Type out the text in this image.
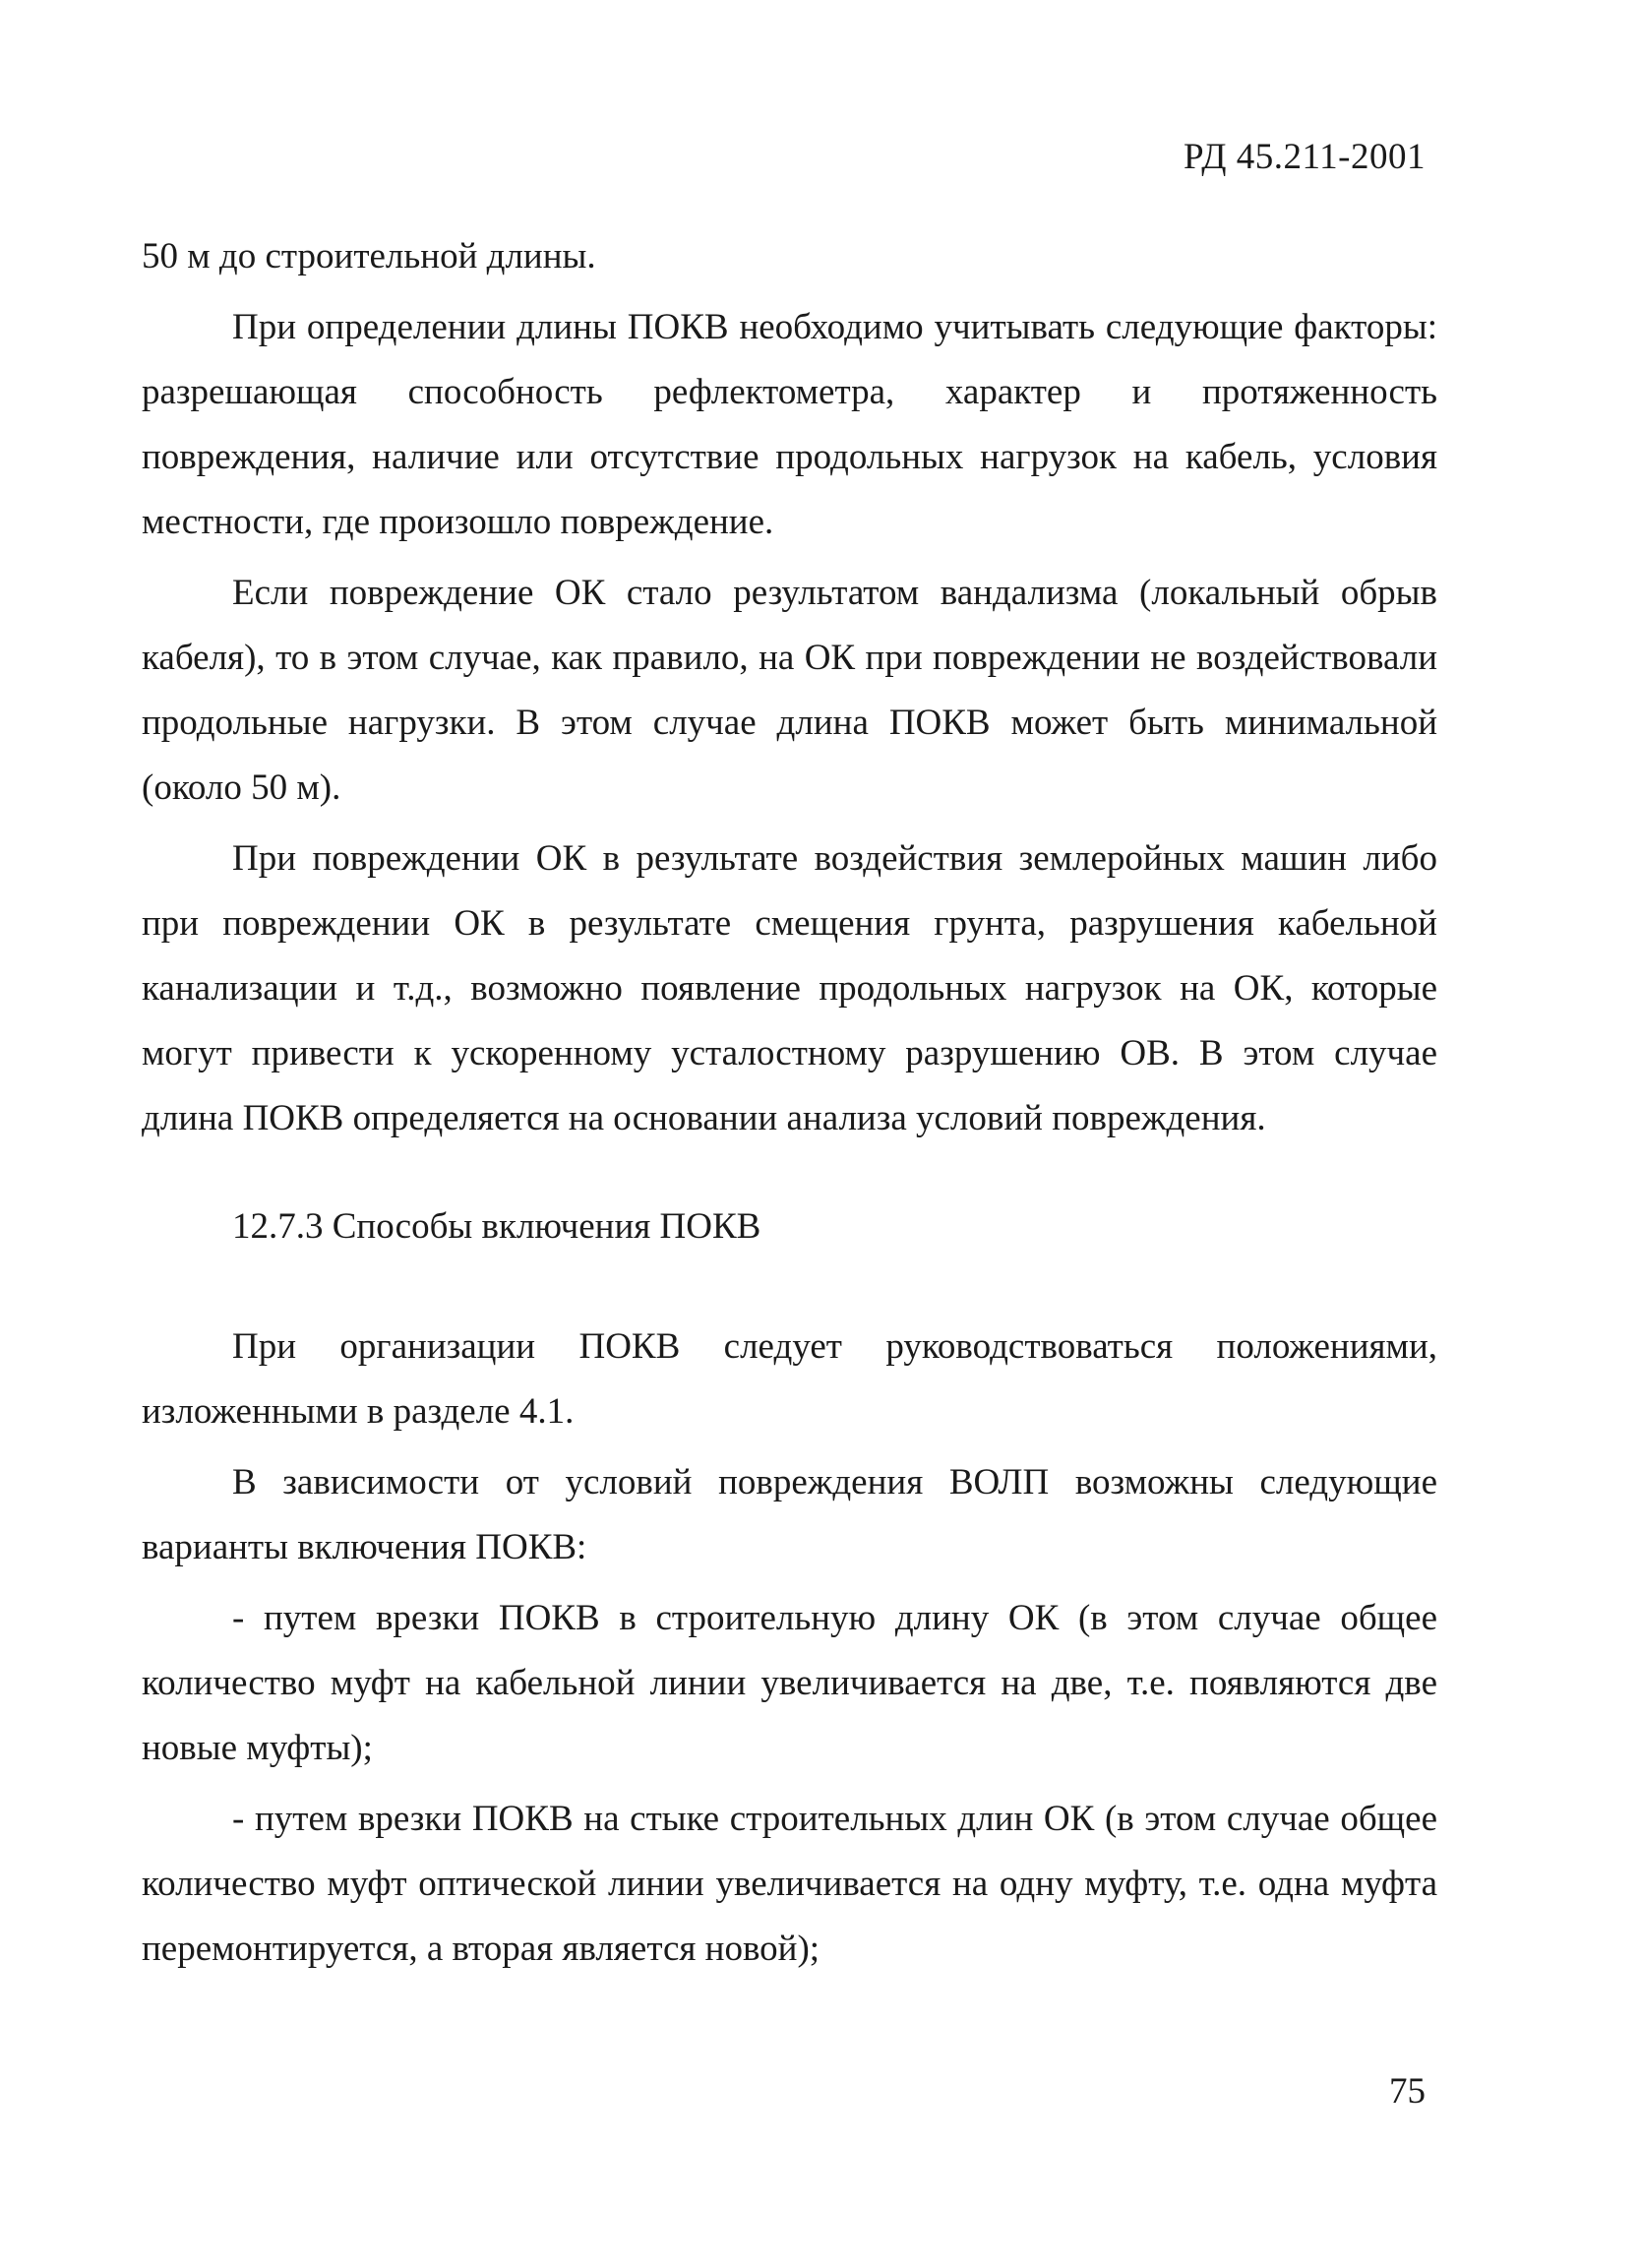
РД 45.211-2001

50 м до строительной длины.

При определении длины ПОКВ необходимо учитывать следующие факторы: разрешающая способность рефлектометра, характер и протяженность повреждения, наличие или отсутствие продольных нагрузок на кабель, условия местности, где произошло повреждение.

Если повреждение ОК стало результатом вандализма (локальный обрыв кабеля), то в этом случае, как правило, на ОК при повреждении не воздействовали продольные нагрузки. В этом случае длина ПОКВ может быть минимальной (около 50 м).

При повреждении ОК в результате воздействия землеройных машин либо при повреждении ОК в результате смещения грунта, разрушения кабельной канализации и т.д., возможно появление продольных нагрузок на ОК, которые могут привести к ускоренному усталостному разрушению ОВ. В этом случае длина ПОКВ определяется на основании анализа условий повреждения.

12.7.3 Способы включения ПОКВ

При организации ПОКВ следует руководствоваться положениями, изложенными в разделе 4.1.

В зависимости от условий повреждения ВОЛП возможны следующие варианты включения ПОКВ:

- путем врезки ПОКВ в строительную длину ОК (в этом случае общее количество муфт на кабельной линии увеличивается на две, т.е. появляются две новые муфты);

- путем врезки ПОКВ на стыке строительных длин ОК (в этом случае общее количество муфт оптической линии увеличивается на одну муфту, т.е. одна муфта перемонтируется, а вторая является новой);

75
